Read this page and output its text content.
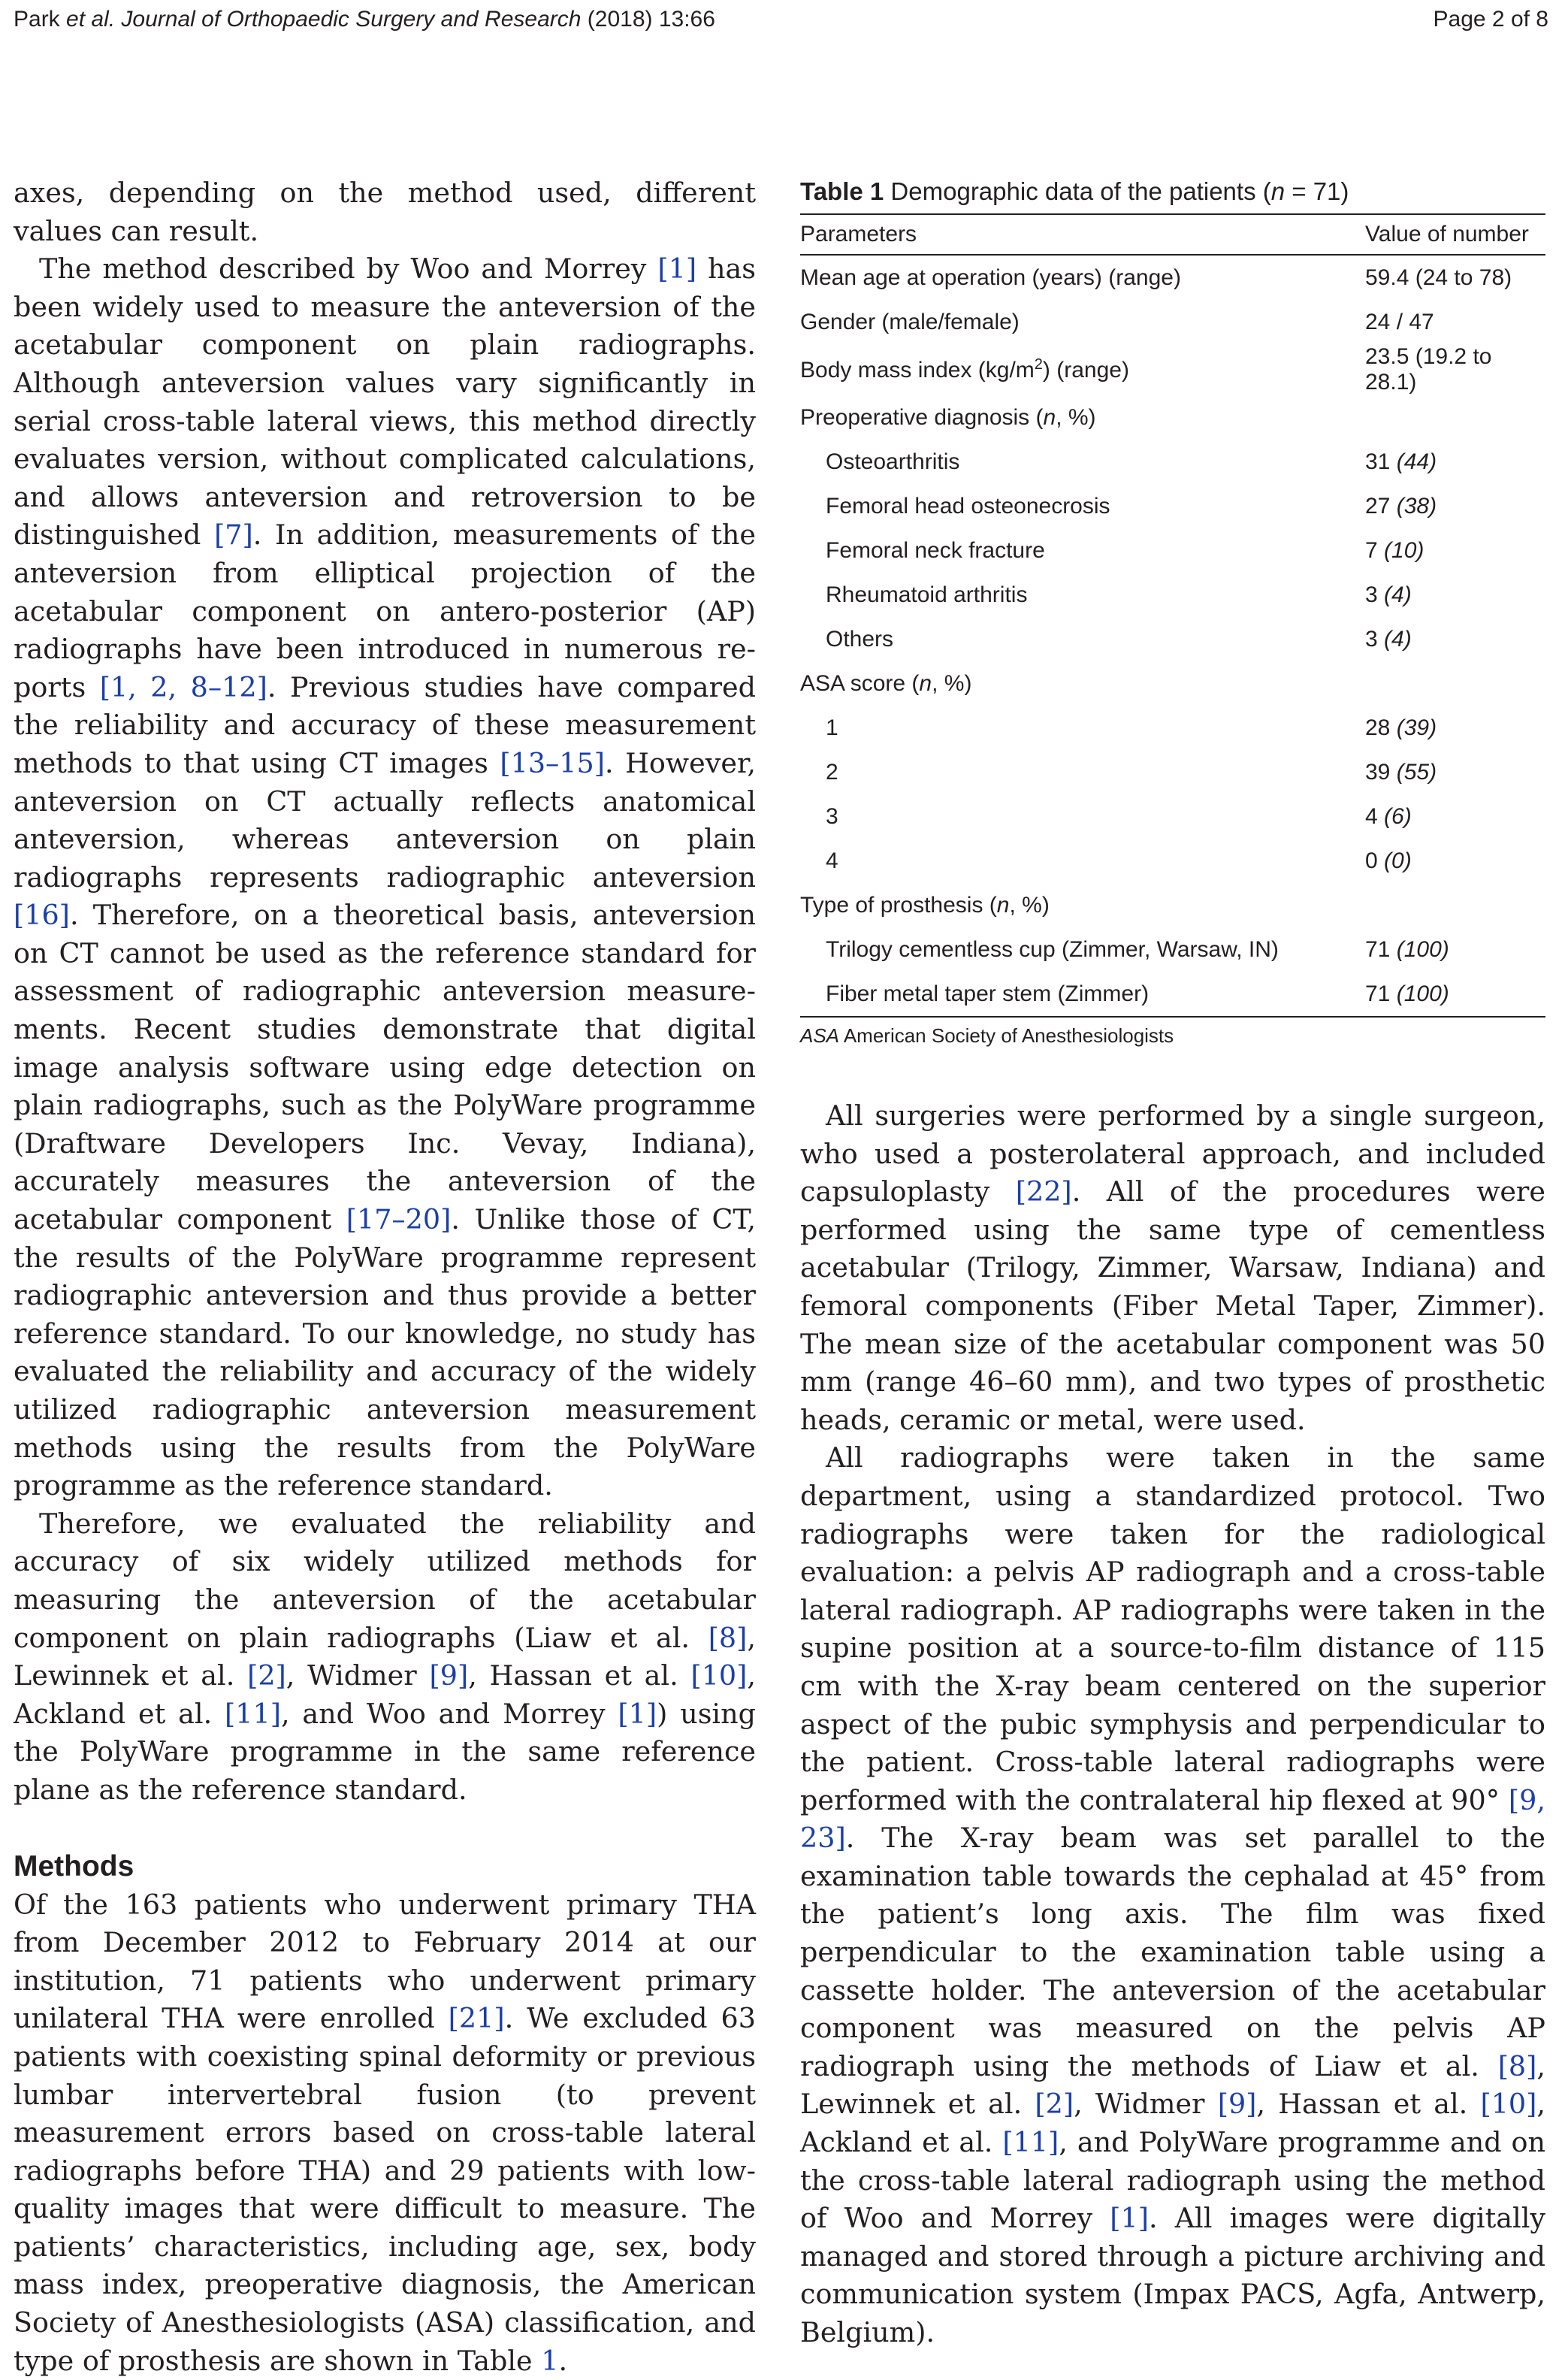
Park et al. Journal of Orthopaedic Surgery and Research (2018) 13:66	Page 2 of 8

axes, depending on the method used, different values can result.

The method described by Woo and Morrey [1] has been widely used to measure the anteversion of the acetabular component on plain radiographs. Although anteversion values vary significantly in serial cross-table lateral views, this method directly evaluates version, without complicated calculations, and allows anteversion and retroversion to be distinguished [7]. In addition, measurements of the anteversion from elliptical projection of the acetabular component on antero-posterior (AP) radiographs have been introduced in numerous reports [1, 2, 8–12]. Previous studies have compared the reliability and accuracy of these measurement methods to that using CT images [13–15]. However, anteversion on CT actually reflects anatomical anteversion, whereas anteversion on plain radiographs represents radiographic anteversion [16]. Therefore, on a theoretical basis, anteversion on CT cannot be used as the reference standard for assessment of radiographic anteversion measurements. Recent studies demonstrate that digital image analysis software using edge detection on plain radiographs, such as the PolyWare programme (Draftware Developers Inc. Vevay, Indiana), accurately measures the anteversion of the acetabular component [17–20]. Unlike those of CT, the results of the PolyWare programme represent radiographic anteversion and thus provide a better reference standard. To our knowledge, no study has evaluated the reliability and accuracy of the widely utilized radiographic anteversion measurement methods using the results from the PolyWare programme as the reference standard.

Therefore, we evaluated the reliability and accuracy of six widely utilized methods for measuring the anteversion of the acetabular component on plain radiographs (Liaw et al. [8], Lewinnek et al. [2], Widmer [9], Hassan et al. [10], Ackland et al. [11], and Woo and Morrey [1]) using the PolyWare programme in the same reference plane as the reference standard.

Methods

Of the 163 patients who underwent primary THA from December 2012 to February 2014 at our institution, 71 patients who underwent primary unilateral THA were enrolled [21]. We excluded 63 patients with coexisting spinal deformity or previous lumbar intervertebral fusion (to prevent measurement errors based on cross-table lateral radiographs before THA) and 29 patients with low-quality images that were difficult to measure. The patients’ characteristics, including age, sex, body mass index, preoperative diagnosis, the American Society of Anesthesiologists (ASA) classification, and type of prosthesis are shown in Table 1.

Table 1 Demographic data of the patients (n = 71)

Parameters	Value of number
Mean age at operation (years) (range)	59.4 (24 to 78)
Gender (male/female)	24 / 47
Body mass index $(kg/m^2)$ (range)	23.5 (19.2 to 28.1)
Preoperative diagnosis (n, %)	
Osteoarthritis	31 (44)
Femoral head osteonecrosis	27 (38)
Femoral neck fracture	7 (10)
Rheumatoid arthritis	3 (4)
Others	3 (4)
ASA score (n, %)	
1	28 (39)
2	39 (55)
3	4 (6)
4	0 (0)
Type of prosthesis (n, %)	
Trilogy cementless cup (Zimmer, Warsaw, IN)	71 (100)
Fiber metal taper stem (Zimmer)	71 (100)

ASA American Society of Anesthesiologists

All surgeries were performed by a single surgeon, who used a posterolateral approach, and included capsuloplasty [22]. All of the procedures were performed using the same type of cementless acetabular (Trilogy, Zimmer, Warsaw, Indiana) and femoral components (Fiber Metal Taper, Zimmer). The mean size of the acetabular component was 50 mm (range 46–60 mm), and two types of prosthetic heads, ceramic or metal, were used.

All radiographs were taken in the same department, using a standardized protocol. Two radiographs were taken for the radiological evaluation: a pelvis AP radiograph and a cross-table lateral radiograph. AP radiographs were taken in the supine position at a source-to-film distance of 115 cm with the X-ray beam centered on the superior aspect of the pubic symphysis and perpendicular to the patient. Cross-table lateral radiographs were performed with the contralateral hip flexed at 90° [9, 23]. The X-ray beam was set parallel to the examination table towards the cephalad at 45° from the patient’s long axis. The film was fixed perpendicular to the examination table using a cassette holder. The anteversion of the acetabular component was measured on the pelvis AP radiograph using the methods of Liaw et al. [8], Lewinnek et al. [2], Widmer [9], Hassan et al. [10], Ackland et al. [11], and PolyWare programme and on the cross-table lateral radiograph using the method of Woo and Morrey [1]. All images were digitally managed and stored through a picture archiving and communication system (Impax PACS, Agfa, Antwerp, Belgium).
